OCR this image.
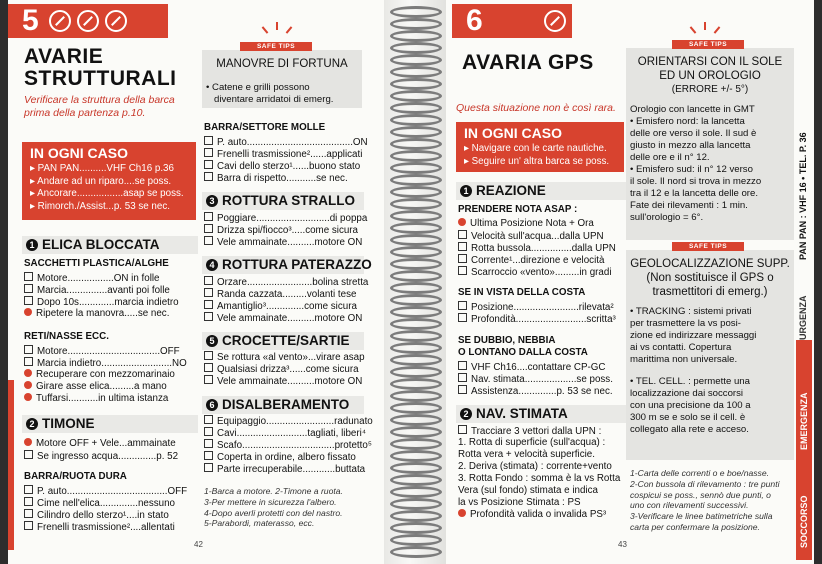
5
AVARIE
STRUTTURALI
Verificare la struttura della barca
prima della partenza p.10.
IN OGNI CASO
▸ PAN PAN..........VHF Ch16 p.36
▸ Andare ad un riparo....se poss.
▸ Ancorare.................asap se poss.
▸ Rimorch./Assist...p. 53 se nec.
1 ELICA BLOCCATA
SACCHETTI PLASTICA/ALGHE
Motore.................ON in folle
Marcia...............avanti poi folle
Dopo 10s.............marcia indietro
Ripetere la manovra.....se nec.
RETI/NASSE ECC.
Motore..................................OFF
Marcia indietro..........................NO
Recuperare con mezzomarinaio
Girare asse elica.........a mano
Tuffarsi...........in ultima istanza
2 TIMONE
Motore OFF + Vele...ammainate
Se ingresso acqua..............p. 52
BARRA/RUOTA DURA
P. auto.....................................OFF
Cime nell'elica..............nessuno
Cilindro dello sterzo¹....in stato
Frenelli trasmissione²....allentati
SAFE TIPS
MANOVRE DI FORTUNA
• Catene e grilli possono
diventare arridatoi di emerg.
BARRA/SETTORE MOLLE
P. auto.......................................ON
Frenelli trasmissione²......applicati
Cavi dello sterzo¹......buono stato
Barra di rispetto...........se nec.
3 ROTTURA STRALLO
Poggiare...........................di poppa
Drizza spi/fiocco³.....come sicura
Vele ammainate..........motore ON
4 ROTTURA PATERAZZO
Orzare........................bolina stretta
Randa cazzata.........volanti tese
Amantiglio³..............come sicura
Vele ammainate..........motore ON
5 CROCETTE/SARTIE
Se rottura «al vento»...virare asap
Qualsiasi drizza³......come sicura
Vele ammainate..........motore ON
6 DISALBERAMENTO
Equipaggio.........................radunato
Cavi..........................tagliati, liberi⁴
Scafo..................................protetto⁵
Coperta in ordine, albero fissato
Parte irrecuperabile............buttata
1-Barca a motore. 2-Timone a ruota.
3-Per mettere in sicurezza l'albero.
4-Dopo averli protetti con del nastro.
5-Parabordi, materasso, ecc.
42
6
AVARIA GPS
Questa situazione non è così rara.
IN OGNI CASO
▸ Navigare con le carte nautiche.
▸ Seguire un' altra barca se poss.
1 REAZIONE
PRENDERE NOTA ASAP :
Ultima Posizione Nota + Ora
Velocità sull'acqua...dalla UPN
Rotta bussola...............dalla UPN
Corrente¹...direzione e velocità
Scarroccio «vento».........in gradi
SE IN VISTA DELLA COSTA
Posizione........................rilevata²
Profondità..........................scritta³
SE DUBBIO, NEBBIA
O LONTANO DALLA COSTA
VHF Ch16....contattare CP-GC
Nav. stimata...................se poss.
Assistenza..............p. 53 se nec.
2 NAV. STIMATA
Tracciare 3 vettori dalla UPN :
1. Rotta di superficie (sull'acqua) :
Rotta vera + velocità superficie.
2. Deriva (stimata) : corrente+vento
3. Rotta Fondo : somma è la vs Rotta
Vera (sul fondo) stimata e indica
la vs Posizione Stimata : PS
Profondità valida o invalida PS³
SAFE TIPS
ORIENTARSI CON IL SOLE
ED UN OROLOGIO
(ERRORE +/- 5°)
Orologio con lancette in GMT
• Emisfero nord: la lancetta
delle ore verso il sole. Il sud è
giusto in mezzo alla lancetta
delle ore e il n° 12.
• Emisfero sud: il n° 12 verso
il sole. Il nord si trova in mezzo
tra il 12 e la lancetta delle ore.
Fate dei rilevamenti : 1 min.
sull'orologio = 6°.
SAFE TIPS
GEOLOCALIZZAZIONE SUPP.
(Non sostituisce il GPS o
trasmettitori di emerg.)
• TRACKING : sistemi privati
per trasmettere la vs posi-
zione ed indirizzare messaggi
ai vs contatti. Copertura
marittima non universale.
• TEL. CELL. : permette una
localizzazione dai soccorsi
con una precisione da 100 a
300 m se e solo se il cell. è
collegato alla rete e acceso.
1-Carta delle correnti o e boe/nasse.
2-Con bussola di rilevamento : tre punti
cospicui se poss., sennò due punti, o
uno con rilevamenti successivi.
3-Verificare le linee batimetriche sulla
carta per confermare la posizione.
43
PAN PAN : VHF 16 • TEL. P. 36
URGENZA
EMERGENZA
SOCCORSO
